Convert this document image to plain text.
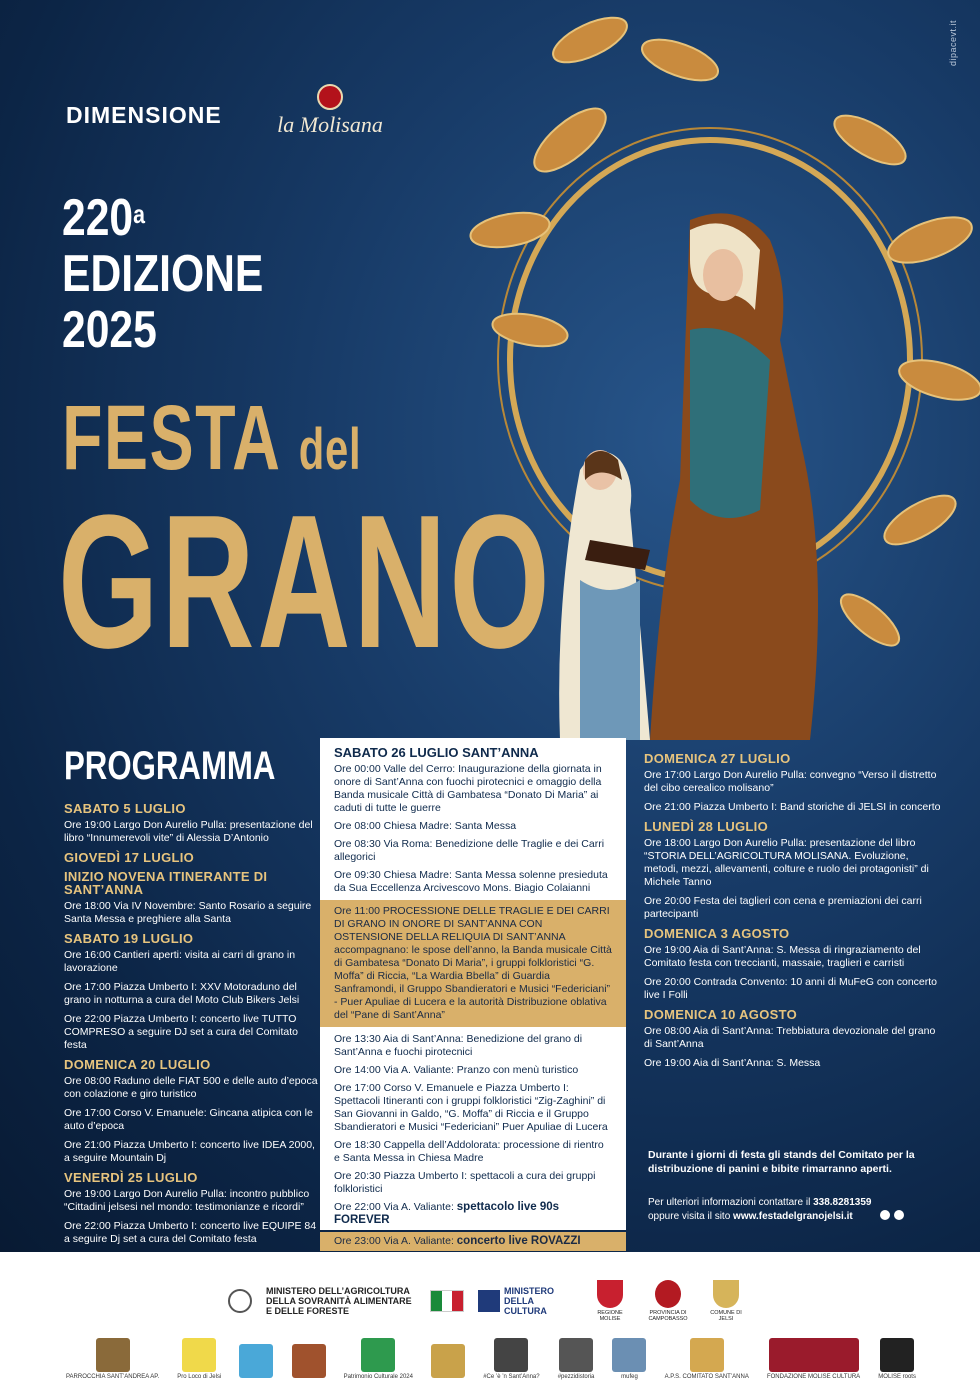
dipacevt.it
DIMENSIONE	la Molisana
220$^a$
EDIZIONE
2025
FESTA del
GRANO
PROGRAMMA
SABATO 5 LUGLIO
Ore 19:00 Largo Don Aurelio Pulla: presentazione del libro “Innumerevoli vite” di Alessia D’Antonio
GIOVEDÌ 17 LUGLIO
INIZIO NOVENA ITINERANTE DI SANT’ANNA
Ore 18:00 Via IV Novembre: Santo Rosario a seguire Santa Messa e preghiere alla Santa
SABATO 19 LUGLIO
Ore 16:00 Cantieri aperti: visita ai carri di grano in lavorazione
Ore 17:00 Piazza Umberto I: XXV Motoraduno del grano in notturna a cura del Moto Club Bikers Jelsi
Ore 22:00 Piazza Umberto I: concerto live TUTTO COMPRESO a seguire DJ set a cura del Comitato festa
DOMENICA 20 LUGLIO
Ore 08:00 Raduno delle FIAT 500 e delle auto d’epoca con colazione e giro turistico
Ore 17:00 Corso V. Emanuele: Gincana atipica con le auto d’epoca
Ore 21:00 Piazza Umberto I: concerto live IDEA 2000, a seguire Mountain Dj
VENERDÌ 25 LUGLIO
Ore 19:00 Largo Don Aurelio Pulla: incontro pubblico “Cittadini jelsesi nel mondo: testimonianze e ricordi”
Ore 22:00 Piazza Umberto I: concerto live EQUIPE 84 a seguire Dj set a cura del Comitato festa
SABATO 26 LUGLIO SANT’ANNA
Ore 00:00 Valle del Cerro: Inaugurazione della giornata in onore di Sant’Anna con fuochi pirotecnici e omaggio della Banda musicale Città di Gambatesa “Donato Di Maria” ai caduti di tutte le guerre
Ore 08:00 Chiesa Madre: Santa Messa
Ore 08:30 Via Roma: Benedizione delle Traglie e dei Carri allegorici
Ore 09:30 Chiesa Madre: Santa Messa solenne presieduta da Sua Eccellenza Arcivescovo Mons. Biagio Colaianni
Ore 11:00 PROCESSIONE DELLE TRAGLIE E DEI CARRI DI GRANO IN ONORE DI SANT’ANNA CON OSTENSIONE DELLA RELIQUIA DI SANT’ANNA accompagnano: le spose dell’anno, la Banda musicale Città di Gambatesa “Donato Di Maria”, i gruppi folkloristici “G. Moffa” di Riccia, “La Wardia Bbella” di Guardia Sanframondi, il Gruppo Sbandieratori e Musici “Federiciani” - Puer Apuliae di Lucera e la autorità Distribuzione oblativa del “Pane di Sant’Anna”
Ore 13:30 Aia di Sant’Anna: Benedizione del grano di Sant’Anna e fuochi pirotecnici
Ore 14:00 Via A. Valiante: Pranzo con menù turistico
Ore 17:00 Corso V. Emanuele e Piazza Umberto I: Spettacoli Itineranti con i gruppi folkloristici “Zig-Zaghini” di San Giovanni in Galdo, “G. Moffa” di Riccia e il Gruppo Sbandieratori e Musici “Federiciani” Puer Apuliae di Lucera
Ore 18:30 Cappella dell’Addolorata: processione di rientro e Santa Messa in Chiesa Madre
Ore 20:30 Piazza Umberto I: spettacoli a cura dei gruppi folkloristici
Ore 22:00 Via A. Valiante: spettacolo live 90s FOREVER
Ore 23:00 Via A. Valiante: concerto live ROVAZZI
DOMENICA 27 LUGLIO
Ore 17:00 Largo Don Aurelio Pulla: convegno “Verso il distretto del cibo cerealico molisano”
Ore 21:00 Piazza Umberto I: Band storiche di JELSI in concerto
LUNEDÌ 28 LUGLIO
Ore 18:00 Largo Don Aurelio Pulla: presentazione del libro “STORIA DELL’AGRICOLTURA MOLISANA. Evoluzione, metodi, mezzi, allevamenti, colture e ruolo dei protagonisti” di Michele Tanno
Ore 20:00 Festa dei taglieri con cena e premiazioni dei carri partecipanti
DOMENICA 3 AGOSTO
Ore 19:00 Aia di Sant’Anna: S. Messa di ringraziamento del Comitato festa con treccianti, massaie, traglieri e carristi
Ore 20:00 Contrada Convento: 10 anni di MuFeG con concerto live I Folli
DOMENICA 10 AGOSTO
Ore 08:00 Aia di Sant’Anna: Trebbiatura devozionale del grano di Sant’Anna
Ore 19:00 Aia di Sant’Anna: S. Messa
Durante i giorni di festa gli stands del Comitato per la distribuzione di panini e bibite rimarranno aperti.
Per ulteriori informazioni contattare il 338.8281359
oppure visita il sito www.festadelgranojelsi.it
MINISTERO DELL’AGRICOLTURA DELLA SOVRANITÀ ALIMENTARE E DELLE FORESTE
MINISTERO DELLA CULTURA	REGIONE MOLISE
PROVINCIA DI CAMPOBASSO
COMUNE DI JELSI
PARROCCHIA SANT’ANDREA AP.	Pro Loco di Jelsi	Patrimonio Culturale 2024	#Ce ’è ’n Sant’Anna?	#pezzidistoria	mufeg	A.P.S. COMITATO SANT’ANNA	FONDAZIONE MOLISE CULTURA	MOLISE roots
